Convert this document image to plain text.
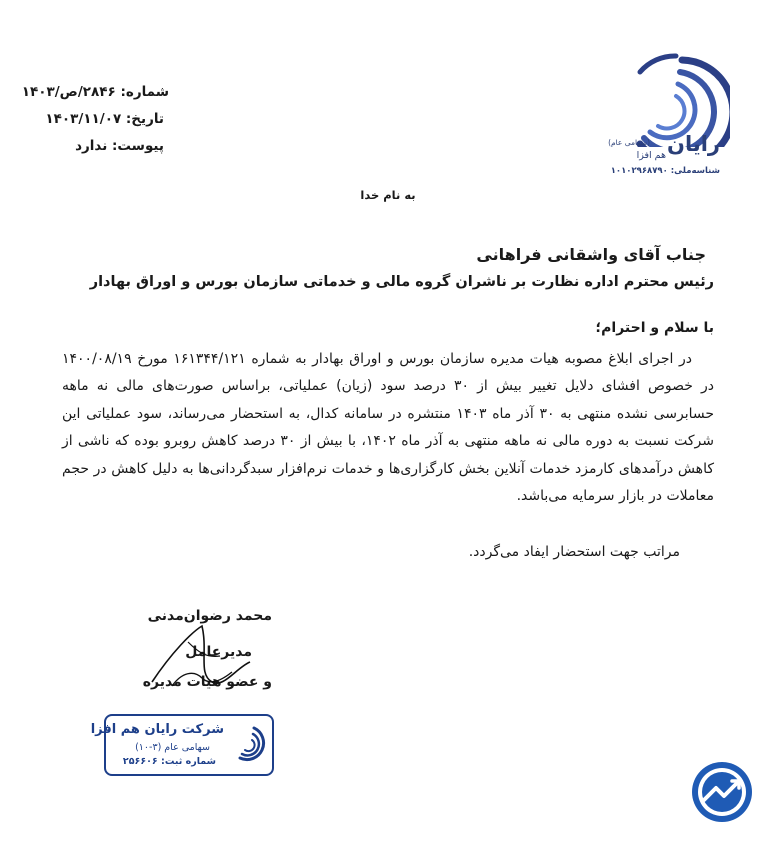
رایان
(سهامی عام)
هم افزا
شناسه‌ملی: ۱۰۱۰۲۹۶۸۷۹۰
شماره: ۲۸۴۶/ص/۱۴۰۳
تاریخ: ۱۴۰۳/۱۱/۰۷
پیوست: ندارد
به نام خدا
جناب آقای واشقانی فراهانی
رئیس محترم اداره نظارت بر ناشران گروه مالی و خدماتی سازمان بورس و اوراق بهادار
با سلام و احترام؛

در اجرای ابلاغ مصوبه هیات مدیره سازمان بورس و اوراق بهادار به شماره ۱۶۱۳۴۴/۱۲۱ مورخ ۱۴۰۰/۰۸/۱۹ در خصوص افشای دلایل تغییر بیش از ۳۰ درصد سود (زیان) عملیاتی، براساس صورت‌های مالی نه ماهه حسابرسی نشده منتهی به ۳۰ آذر ماه ۱۴۰۳ منتشره در سامانه کدال، به استحضار می‌رساند، سود عملیاتی این شرکت نسبت به دوره مالی نه ماهه منتهی به آذر ماه ۱۴۰۲، با بیش از ۳۰ درصد کاهش روبرو بوده که ناشی از کاهش درآمدهای کارمزد خدمات آنلاین بخش کارگزاری‌ها و خدمات نرم‌افزار سبدگردانی‌ها به دلیل کاهش در حجم معاملات در بازار سرمایه می‌باشد.

مراتب جهت استحضار ایفاد می‌گردد.
محمد رضوان‌مدنی
مدیرعامل
و عضو هیات مدیره
شرکت رایان هم افزا
سهامی عام (۳-۱۰)
شماره ثبت: ۲۵۶۶۰۶
